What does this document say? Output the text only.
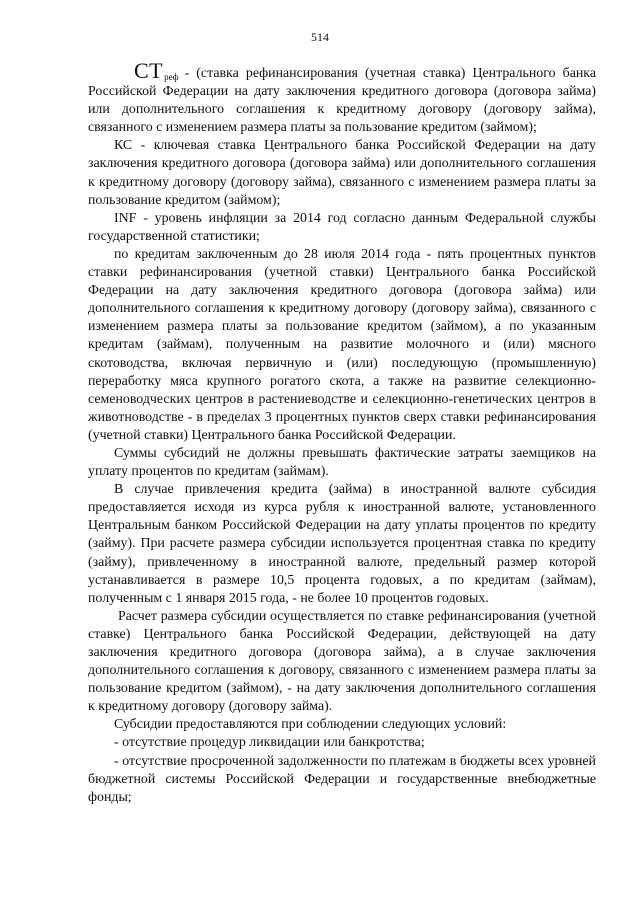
514

$СТ_{реф}$ - (ставка рефинансирования (учетная ставка) Центрального банка Российской Федерации на дату заключения кредитного договора (договора займа) или дополнительного соглашения к кредитному договору (договору займа), связанного с изменением размера платы за пользование кредитом (займом);

КС - ключевая ставка Центрального банка Российской Федерации на дату заключения кредитного договора (договора займа) или дополнительного соглашения к кредитному договору (договору займа), связанного с изменением размера платы за пользование кредитом (займом);

INF - уровень инфляции за 2014 год согласно данным Федеральной службы государственной статистики;

по кредитам заключенным до 28 июля 2014 года - пять процентных пунктов ставки рефинансирования (учетной ставки) Центрального банка Российской Федерации на дату заключения кредитного договора (договора займа) или дополнительного соглашения к кредитному договору (договору займа), связанного с изменением размера платы за пользование кредитом (займом), а по указанным кредитам (займам), полученным на развитие молочного и (или) мясного скотоводства, включая первичную и (или) последующую (промышленную) переработку мяса крупного рогатого скота, а также на развитие селекционно-семеноводческих центров в растениеводстве и селекционно-генетических центров в животноводстве - в пределах 3 процентных пунктов сверх ставки рефинансирования (учетной ставки) Центрального банка Российской Федерации.

Суммы субсидий не должны превышать фактические затраты заемщиков на уплату процентов по кредитам (займам).

В случае привлечения кредита (займа) в иностранной валюте субсидия предоставляется исходя из курса рубля к иностранной валюте, установленного Центральным банком Российской Федерации на дату уплаты процентов по кредиту (займу). При расчете размера субсидии используется процентная ставка по кредиту (займу), привлеченному в иностранной валюте, предельный размер которой устанавливается в размере 10,5 процента годовых, а по кредитам (займам), полученным с 1 января 2015 года, - не более 10 процентов годовых.

Расчет размера субсидии осуществляется по ставке рефинансирования (учетной ставке) Центрального банка Российской Федерации, действующей на дату заключения кредитного договора (договора займа), а в случае заключения дополнительного соглашения к договору, связанного с изменением размера платы за пользование кредитом (займом), - на дату заключения дополнительного соглашения к кредитному договору (договору займа).

Субсидии предоставляются при соблюдении следующих условий:

- отсутствие процедур ликвидации или банкротства;

- отсутствие просроченной задолженности по платежам в бюджеты всех уровней бюджетной системы Российской Федерации и государственные внебюджетные фонды;
